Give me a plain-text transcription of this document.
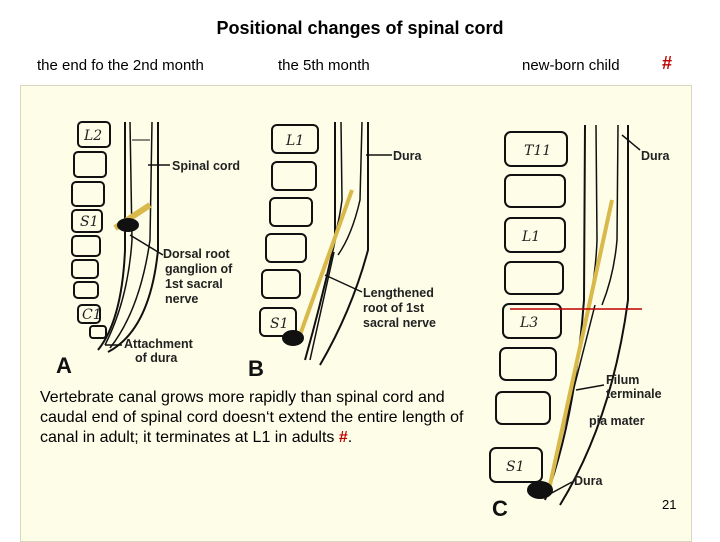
Positional changes of spinal cord
the end fo the 2nd month	the 5th month	new-born child #
L2
S1
C1
Spinal cord
Dorsal root
ganglion of
1st sacral
nerve
Attachment
of dura
A
L1
S1
Dura
Lengthened
root of 1st
sacral nerve
B
T11
L1
L3
S1
Dura
Filum
terminale
pia mater
Dura
C
Vertebrate canal grows more rapidly than spinal cord and caudal end of spinal cord doesn‘t extend the entire length of canal in adult; it terminates at L1 in adults #.
21
